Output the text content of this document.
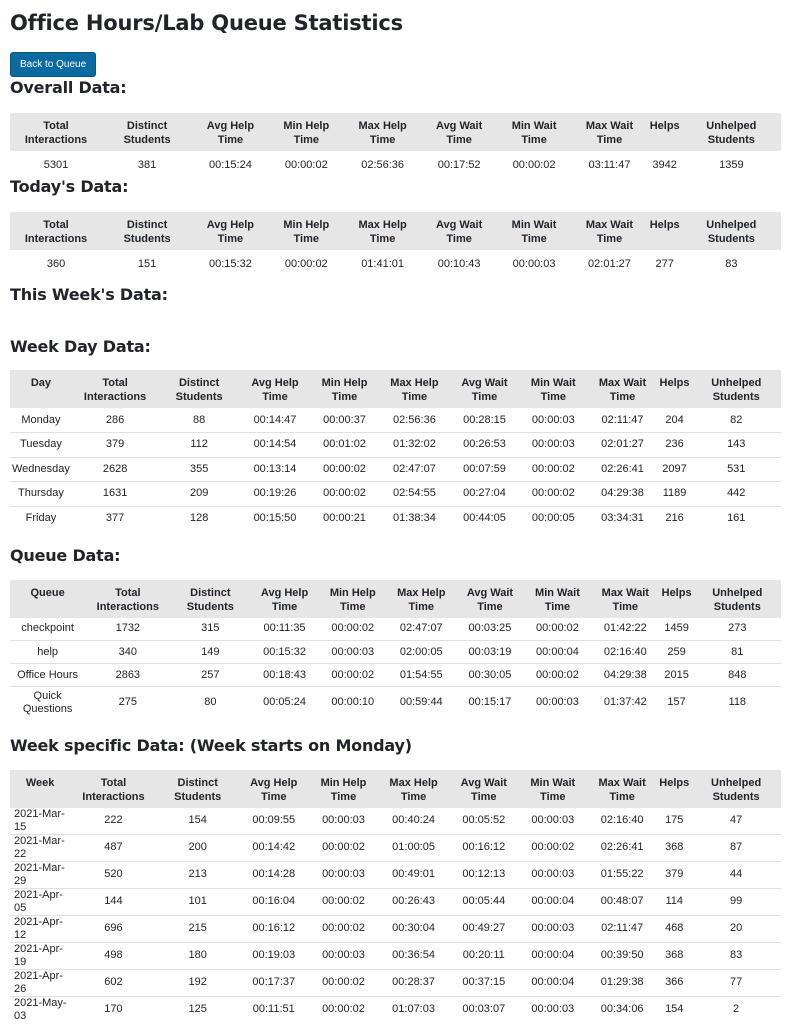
Office Hours/Lab Queue Statistics
Back to Queue
Overall Data:
Total Interactions	Distinct Students	Avg Help Time	Min Help Time	Max Help Time	Avg Wait Time	Min Wait Time	Max Wait Time	Helps	Unhelped Students
5301	381	00:15:24	00:00:02	02:56:36	00:17:52	00:00:02	03:11:47	3942	1359
Today's Data:
Total Interactions	Distinct Students	Avg Help Time	Min Help Time	Max Help Time	Avg Wait Time	Min Wait Time	Max Wait Time	Helps	Unhelped Students
360	151	00:15:32	00:00:02	01:41:01	00:10:43	00:00:03	02:01:27	277	83
This Week's Data:
Week Day Data:
Day	Total Interactions	Distinct Students	Avg Help Time	Min Help Time	Max Help Time	Avg Wait Time	Min Wait Time	Max Wait Time	Helps	Unhelped Students
Monday	286	88	00:14:47	00:00:37	02:56:36	00:28:15	00:00:03	02:11:47	204	82
Tuesday	379	112	00:14:54	00:01:02	01:32:02	00:26:53	00:00:03	02:01:27	236	143
Wednesday	2628	355	00:13:14	00:00:02	02:47:07	00:07:59	00:00:02	02:26:41	2097	531
Thursday	1631	209	00:19:26	00:00:02	02:54:55	00:27:04	00:00:02	04:29:38	1189	442
Friday	377	128	00:15:50	00:00:21	01:38:34	00:44:05	00:00:05	03:34:31	216	161
Queue Data:
Queue	Total Interactions	Distinct Students	Avg Help Time	Min Help Time	Max Help Time	Avg Wait Time	Min Wait Time	Max Wait Time	Helps	Unhelped Students
checkpoint	1732	315	00:11:35	00:00:02	02:47:07	00:03:25	00:00:02	01:42:22	1459	273
help	340	149	00:15:32	00:00:03	02:00:05	00:03:19	00:00:04	02:16:40	259	81
Office Hours	2863	257	00:18:43	00:00:02	01:54:55	00:30:05	00:00:02	04:29:38	2015	848
Quick Questions	275	80	00:05:24	00:00:10	00:59:44	00:15:17	00:00:03	01:37:42	157	118
Week specific Data: (Week starts on Monday)
Week	Total Interactions	Distinct Students	Avg Help Time	Min Help Time	Max Help Time	Avg Wait Time	Min Wait Time	Max Wait Time	Helps	Unhelped Students
2021-Mar-15	222	154	00:09:55	00:00:03	00:40:24	00:05:52	00:00:03	02:16:40	175	47
2021-Mar-22	487	200	00:14:42	00:00:02	01:00:05	00:16:12	00:00:02	02:26:41	368	87
2021-Mar-29	520	213	00:14:28	00:00:03	00:49:01	00:12:13	00:00:03	01:55:22	379	44
2021-Apr-05	144	101	00:16:04	00:00:02	00:26:43	00:05:44	00:00:04	00:48:07	114	99
2021-Apr-12	696	215	00:16:12	00:00:02	00:30:04	00:49:27	00:00:03	02:11:47	468	20
2021-Apr-19	498	180	00:19:03	00:00:03	00:36:54	00:20:11	00:00:04	00:39:50	368	83
2021-Apr-26	602	192	00:17:37	00:00:02	00:28:37	00:37:15	00:00:04	01:29:38	366	77
2021-May-03	170	125	00:11:51	00:00:02	01:07:03	00:03:07	00:00:03	00:34:06	154	2
